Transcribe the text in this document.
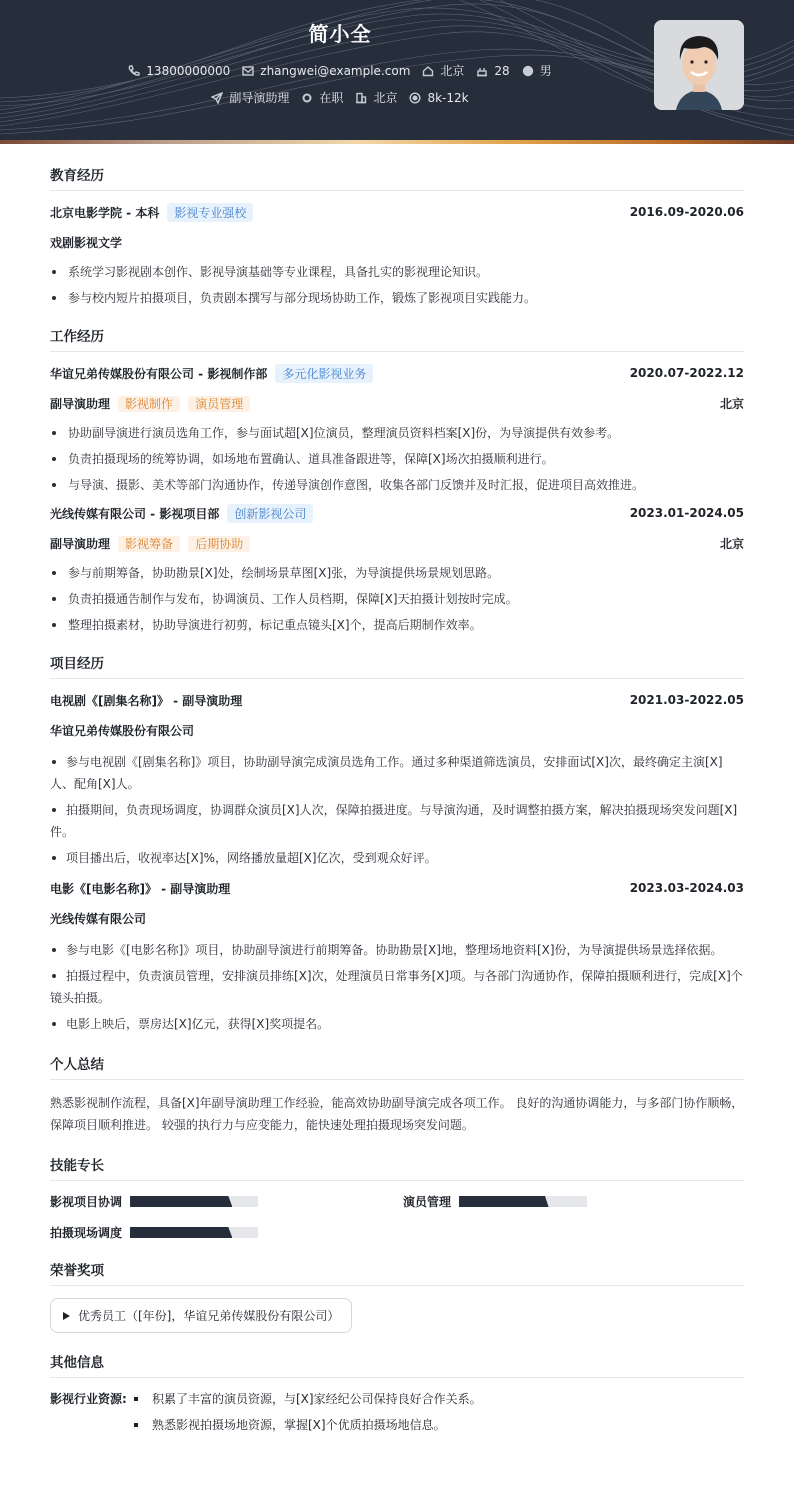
简小全
13800000000	zhangwei@example.com	北京	28	男
副导演助理	在职	北京	8k-12k
教育经历
北京电影学院 - 本科	影视专业强校	2016.09-2020.06
戏剧影视文学
系统学习影视剧本创作、影视导演基础等专业课程，具备扎实的影视理论知识。
参与校内短片拍摄项目，负责剧本撰写与部分现场协助工作，锻炼了影视项目实践能力。
工作经历
华谊兄弟传媒股份有限公司 - 影视制作部	多元化影视业务	2020.07-2022.12
副导演助理	影视制作 演员管理	北京
协助副导演进行演员选角工作，参与面试超[X]位演员，整理演员资料档案[X]份，为导演提供有效参考。
负责拍摄现场的统筹协调，如场地布置确认、道具准备跟进等，保障[X]场次拍摄顺利进行。
与导演、摄影、美术等部门沟通协作，传递导演创作意图，收集各部门反馈并及时汇报，促进项目高效推进。
光线传媒有限公司 - 影视项目部	创新影视公司	2023.01-2024.05
副导演助理	影视筹备 后期协助	北京
参与前期筹备，协助勘景[X]处，绘制场景草图[X]张，为导演提供场景规划思路。
负责拍摄通告制作与发布，协调演员、工作人员档期，保障[X]天拍摄计划按时完成。
整理拍摄素材，协助导演进行初剪，标记重点镜头[X]个，提高后期制作效率。
项目经历
电视剧《[剧集名称]》 - 副导演助理	2021.03-2022.05
华谊兄弟传媒股份有限公司
参与电视剧《[剧集名称]》项目，协助副导演完成演员选角工作。通过多种渠道筛选演员，安排面试[X]次，最终确定主演[X]人、配角[X]人。
拍摄期间，负责现场调度，协调群众演员[X]人次，保障拍摄进度。与导演沟通，及时调整拍摄方案，解决拍摄现场突发问题[X]件。
项目播出后，收视率达[X]%，网络播放量超[X]亿次，受到观众好评。
电影《[电影名称]》 - 副导演助理	2023.03-2024.03
光线传媒有限公司
参与电影《[电影名称]》项目，协助副导演进行前期筹备。协助勘景[X]地，整理场地资料[X]份，为导演提供场景选择依据。
拍摄过程中，负责演员管理，安排演员排练[X]次，处理演员日常事务[X]项。与各部门沟通协作，保障拍摄顺利进行，完成[X]个镜头拍摄。
电影上映后，票房达[X]亿元，获得[X]奖项提名。
个人总结

熟悉影视制作流程，具备[X]年副导演助理工作经验，能高效协助副导演完成各项工作。 良好的沟通协调能力，与多部门协作顺畅，保障项目顺利推进。 较强的执行力与应变能力，能快速处理拍摄现场突发问题。

技能专长
影视项目协调	演员管理
拍摄现场调度
荣誉奖项
优秀员工（[年份]，华谊兄弟传媒股份有限公司）
其他信息
影视行业资源:	积累了丰富的演员资源，与[X]家经纪公司保持良好合作关系。
熟悉影视拍摄场地资源，掌握[X]个优质拍摄场地信息。
